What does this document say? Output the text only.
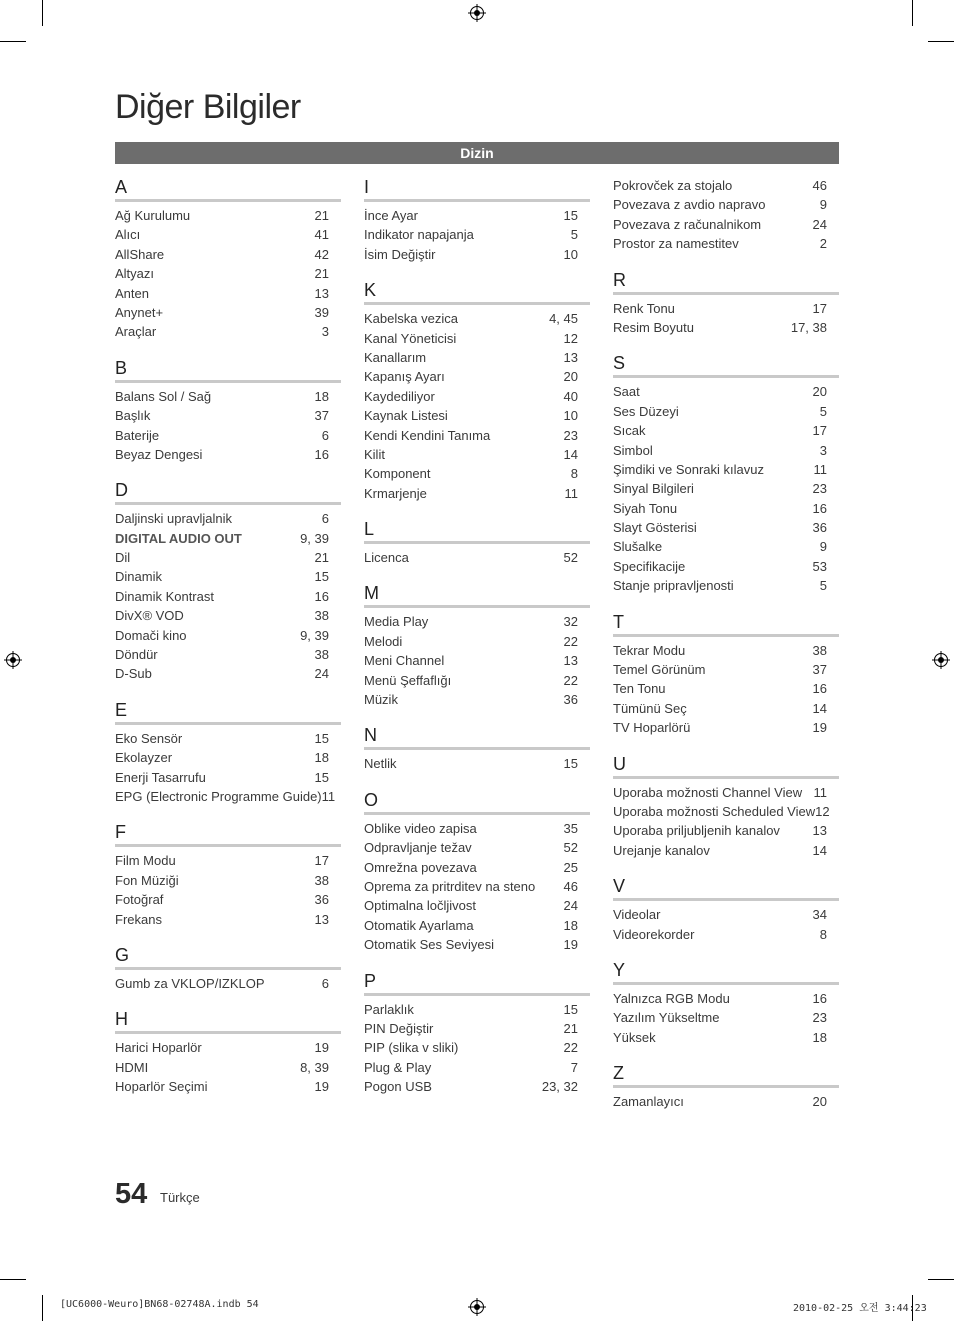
Diğer Bilgiler
Dizin
A
Ağ Kurulumu	21
Alıcı	41
AllShare	42
Altyazı	21
Anten	13
Anynet+	39
Araçlar	3
B
Balans Sol / Sağ	18
Başlık	37
Baterije	6
Beyaz Dengesi	16
D
Daljinski upravljalnik	6
DIGITAL AUDIO OUT	9, 39
Dil	21
Dinamik	15
Dinamik Kontrast	16
DivX® VOD	38
Domači kino	9, 39
Döndür	38
D-Sub	24
E
Eko Sensör	15
Ekolayzer	18
Enerji Tasarrufu	15
EPG (Electronic Programme Guide) 11
F
Film Modu	17
Fon Müziği	38
Fotoğraf	36
Frekans	13
G
Gumb za VKLOP/IZKLOP	6
H
Harici Hoparlör	19
HDMI	8, 39
Hoparlör Seçimi	19
I
İnce Ayar	15
Indikator napajanja	5
İsim Değiştir	10
K
Kabelska vezica	4, 45
Kanal Yöneticisi	12
Kanallarım	13
Kapanış Ayarı	20
Kaydediliyor	40
Kaynak Listesi	10
Kendi Kendini Tanıma	23
Kilit	14
Komponent	8
Krmarjenje	11
L
Licenca	52
M
Media Play	32
Melodi	22
Meni Channel	13
Menü Şeffaflığı	22
Müzik	36
N
Netlik	15
O
Oblike video zapisa	35
Odpravljanje težav	52
Omrežna povezava	25
Oprema za pritrditev na steno 46
Optimalna ločljivost	24
Otomatik Ayarlama	18
Otomatik Ses Seviyesi	19
P
Parlaklık	15
PIN Değiştir	21
PIP (slika v sliki)	22
Plug & Play	7
Pogon USB	23, 32
Pokrovček za stojalo	46
Povezava z avdio napravo	9
Povezava z računalnikom	24
Prostor za namestitev	2
R
Renk Tonu	17
Resim Boyutu	17, 38
S
Saat	20
Ses Düzeyi	5
Sıcak	17
Simbol	3
Şimdiki ve Sonraki kılavuz	11
Sinyal Bilgileri	23
Siyah Tonu	16
Slayt Gösterisi	36
Slušalke	9
Specifikacije	53
Stanje pripravljenosti	5
T
Tekrar Modu	38
Temel Görünüm	37
Ten Tonu	16
Tümünü Seç	14
TV Hoparlörü	19
U
Uporaba možnosti Channel View 11
Uporaba možnosti Scheduled View 12
Uporaba priljubljenih kanalov	13
Urejanje kanalov	14
V
Videolar	34
Videorekorder	8
Y
Yalnızca RGB Modu	16
Yazılım Yükseltme	23
Yüksek	18
Z
Zamanlayıcı	20
54 Türkçe
[UC6000-Weuro]BN68-02748A.indb 54	2010-02-25 오전 3:44:23
